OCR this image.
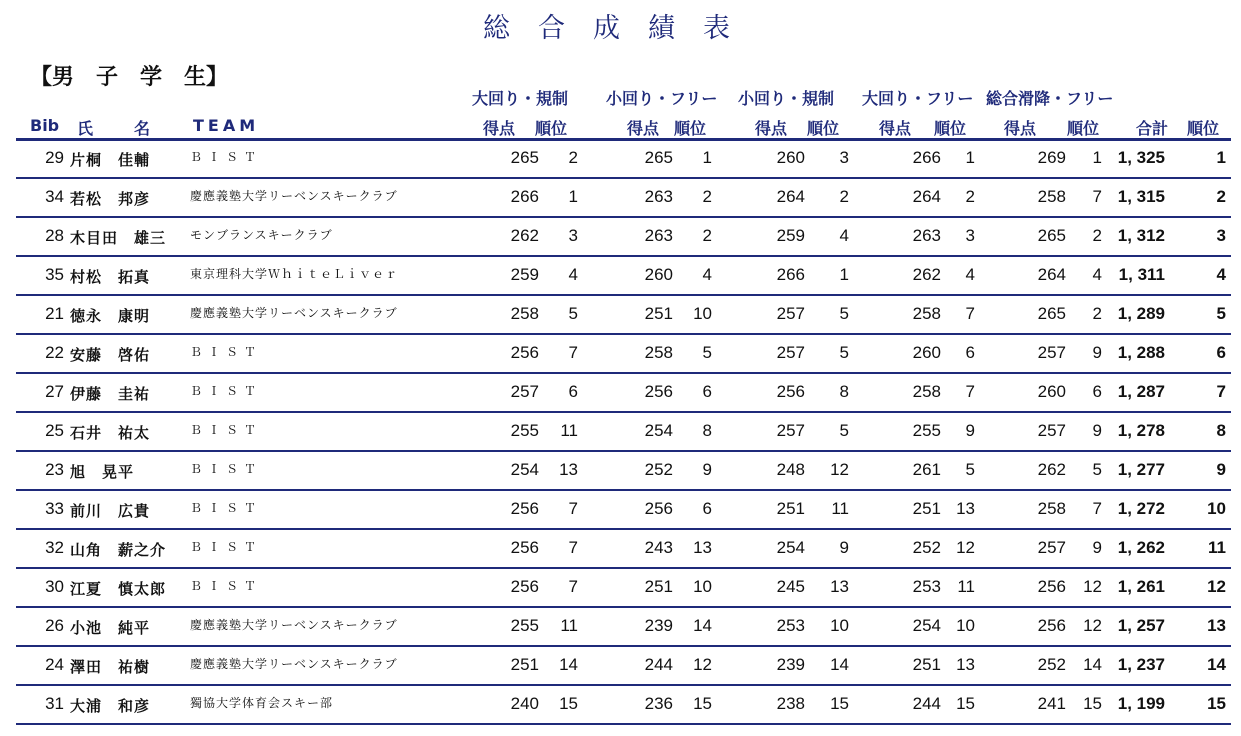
総合成績表
【男　子　学　生】
大回り・規制 小回り・フリー 小回り・規制 大回り・フリー 総合滑降・フリー
Bib 氏	名	TEAM	得点 順位	得点 順位	得点 順位 得点 順位 得点 順位 合計 順位
29 片桐　佳輔	ＢＩＳＴ	265	2	265	1	260	3	266	1	269	1 1, 325	1
34 若松　邦彦	慶應義塾大学リーベンスキークラブ	266	1	263	2	264	2	264	2	258	7 1, 315	2
28 木目田　雄三 モンブランスキークラブ	262	3	263	2	259	4	263	3	265	2 1, 312	3
35 村松　拓真	東京理科大学ＷｈｉｔｅＬｉｖｅｒ	259	4	260	4	266	1	262	4	264	4 1, 311	4
21 徳永　康明	慶應義塾大学リーベンスキークラブ	258	5	251	10	257	5	258	7	265	2 1, 289	5
22 安藤　啓佑	ＢＩＳＴ	256	7	258	5	257	5	260	6	257	9 1, 288	6
27 伊藤　圭祐	ＢＩＳＴ	257	6	256	6	256	8	258	7	260	6 1, 287	7
25 石井　祐太	ＢＩＳＴ	255	11	254	8	257	5	255	9	257	9 1, 278	8
23 旭　晃平	ＢＩＳＴ	254	13	252	9	248	12	261	5	262	5 1, 277	9
33 前川　広貴	ＢＩＳＴ	256	7	256	6	251	11	251 13	258	7 1, 272	10
32 山角　薪之介 ＢＩＳＴ	256	7	243	13	254	9	252 12	257	9 1, 262	11
30 江夏　慎太郎 ＢＩＳＴ	256	7	251	10	245	13	253 11	256	12 1, 261	12
26 小池　純平	慶應義塾大学リーベンスキークラブ	255	11	239	14	253	10	254 10	256	12 1, 257	13
24 澤田　祐樹	慶應義塾大学リーベンスキークラブ	251	14	244	12	239	14	251 13	252	14 1, 237	14
31 大浦　和彦	獨協大学体育会スキー部	240	15	236	15	238	15	244 15	241	15 1, 199	15
